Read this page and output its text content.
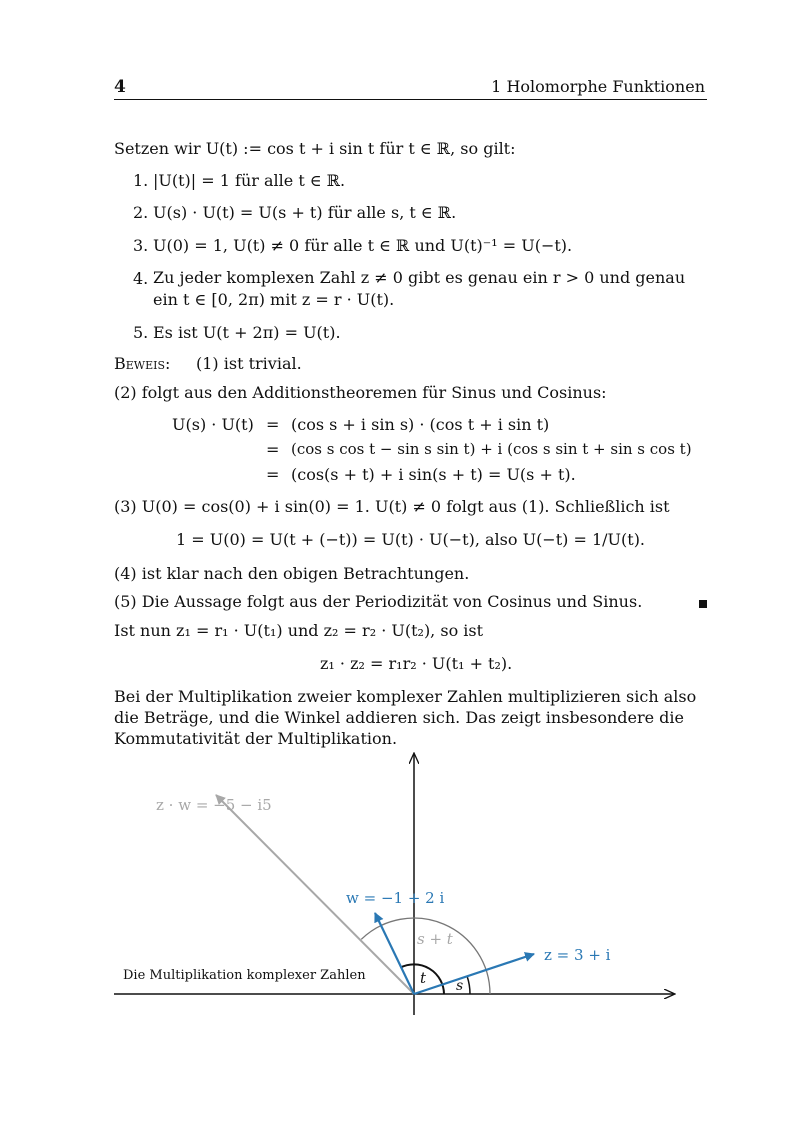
4	1 Holomorphe Funktionen
Setzen wir U(t) := cos t + i sin t für t ∈ ℝ, so gilt:
1. |U(t)| = 1 für alle t ∈ ℝ.
2. U(s) · U(t) = U(s + t) für alle s, t ∈ ℝ.
3. U(0) = 1, U(t) ≠ 0 für alle t ∈ ℝ und U(t)⁻¹ = U(−t).
4. Zu jeder komplexen Zahl z ≠ 0 gibt es genau ein r > 0 und genau ein t ∈ [0, 2π) mit z = r · U(t).
5. Es ist U(t + 2π) = U(t).
Beweis: (1) ist trivial.
(2) folgt aus den Additionstheoremen für Sinus und Cosinus:
U(s) · U(t) =
=
=
(cos s + i sin s) · (cos t + i sin t)
(cos s cos t − sin s sin t) + i (cos s sin t + sin s cos t)
(cos(s + t) + i sin(s + t) = U(s + t).
(3) U(0) = cos(0) + i sin(0) = 1. U(t) ≠ 0 folgt aus (1). Schließlich ist
1 = U(0) = U(t + (−t)) = U(t) · U(−t), also U(−t) = 1/U(t).
(4) ist klar nach den obigen Betrachtungen.
(5) Die Aussage folgt aus der Periodizität von Cosinus und Sinus.
Ist nun z₁ = r₁ · U(t₁) und z₂ = r₂ · U(t₂), so ist
z₁ · z₂ = r₁r₂ · U(t₁ + t₂).
Bei der Multiplikation zweier komplexer Zahlen multiplizieren sich also die Beträge, und die Winkel addieren sich. Das zeigt insbesondere die Kommutativität der Multiplikation.
z · w = −5 − i5
w = −1 + 2 i
z = 3 + i
s + t
t s
Die Multiplikation komplexer Zahlen
